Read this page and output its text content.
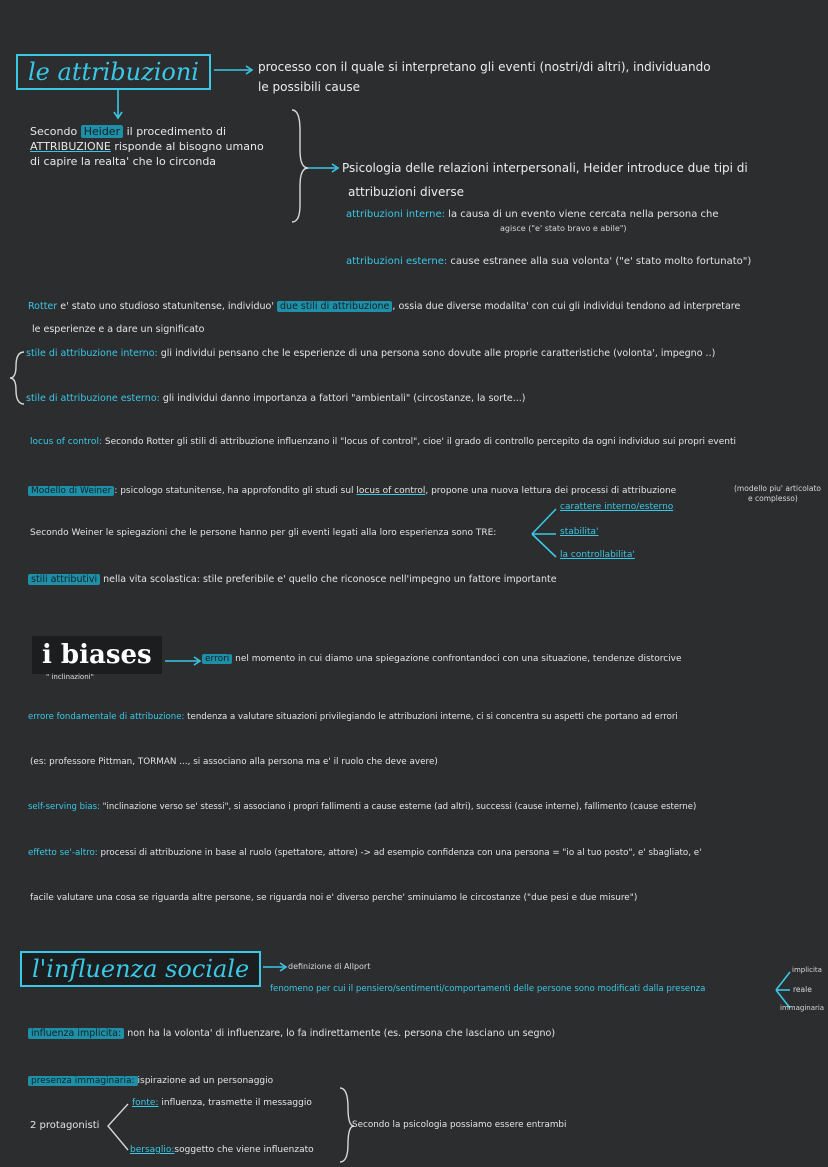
le attribuzioni	processo con il quale si interpretano gli eventi (nostri/di altri), individuando
le possibili cause
Secondo Heider il procedimento di
ATTRIBUZIONE risponde al bisogno umano
di capire la realta' che lo circonda	Psicologia delle relazioni interpersonali, Heider introduce due tipi di
attribuzioni diverse
attribuzioni interne: la causa di un evento viene cercata nella persona che
agisce ("e' stato bravo e abile")
attribuzioni esterne: cause estranee alla sua volonta' ("e' stato molto fortunato")
Rotter e' stato uno studioso statunitense, individuo' due stili di attribuzione , ossia due diverse modalita' con cui gli individui tendono ad interpretare
le esperienze e a dare un significato
stile di attribuzione interno: gli individui pensano che le esperienze di una persona sono dovute alle proprie caratteristiche (volonta', impegno ..)
stile di attribuzione esterno: gli individui danno importanza a fattori "ambientali" (circostanze, la sorte...)
locus of control: Secondo Rotter gli stili di attribuzione influenzano il "locus of control", cioe' il grado di controllo percepito da ogni individuo sui propri eventi
Modello di Weiner : psicologo statunitense, ha approfondito gli studi sul locus of control, propone una nuova lettura dei processi di attribuzione	(modello piu' articolato
e complesso)
Secondo Weiner le spiegazioni che le persone hanno per gli eventi legati alla loro esperienza sono TRE:
carattere interno/esterno
stabilita'
la controllabilita'
stili attributivi nella vita scolastica: stile preferibile e' quello che riconosce nell'impegno un fattore importante
i biases
" inclinazioni"
errori nel momento in cui diamo una spiegazione confrontandoci con una situazione, tendenze distorcive
errore fondamentale di attribuzione: tendenza a valutare situazioni privilegiando le attribuzioni interne, ci si concentra su aspetti che portano ad errori
(es: professore Pittman, TORMAN ..., si associano alla persona ma e' il ruolo che deve avere)
self-serving bias: "inclinazione verso se' stessi", si associano i propri fallimenti a cause esterne (ad altri), successi (cause interne), fallimento (cause esterne)
effetto se'-altro: processi di attribuzione in base al ruolo (spettatore, attore) -> ad esempio confidenza con una persona = "io al tuo posto", e' sbagliato, e'
facile valutare una cosa se riguarda altre persone, se riguarda noi e' diverso perche' sminuiamo le circostanze ("due pesi e due misure")
l'influenza sociale	definizione di Allport
fenomeno per cui il pensiero/sentimenti/comportamenti delle persone sono modificati dalla presenza
implicita
reale
immaginaria
influenza implicita: non ha la volonta' di influenzare, lo fa indirettamente (es. persona che lasciano un segno)
presenza immaginaria: ispirazione ad un personaggio
2 protagonisti
fonte: influenza, trasmette il messaggio
bersaglio:soggetto che viene influenzato
Secondo la psicologia possiamo essere entrambi
